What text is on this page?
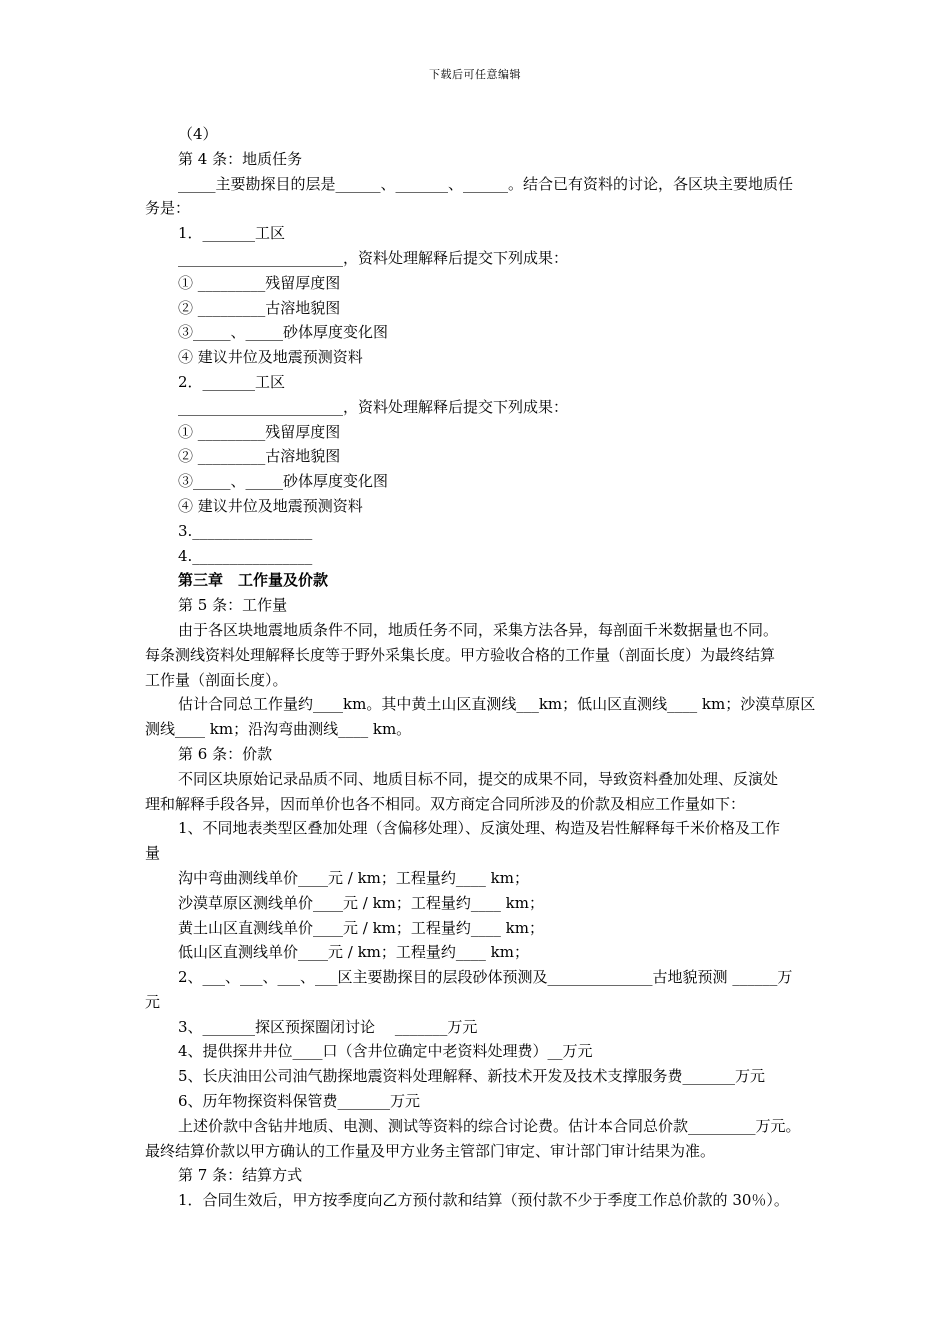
下载后可任意编辑
（4）
第 4 条：地质任务
_____主要勘探目的层是______、_______、______。结合已有资料的讨论，各区块主要地质任
务是：
1．_______工区
______________________，资料处理解释后提交下列成果：
① _________残留厚度图
② _________古溶地貌图
③_____、_____砂体厚度变化图
④ 建议井位及地震预测资料
2．_______工区
______________________，资料处理解释后提交下列成果：
① _________残留厚度图
② _________古溶地貌图
③_____、_____砂体厚度变化图
④ 建议井位及地震预测资料
3.________________
4.________________
第三章　工作量及价款
第 5 条：工作量
由于各区块地震地质条件不同，地质任务不同，采集方法各异，每剖面千米数据量也不同。
每条测线资料处理解释长度等于野外采集长度。甲方验收合格的工作量（剖面长度）为最终结算
工作量（剖面长度）。
估计合同总工作量约____km。其中黄土山区直测线___km；低山区直测线____ km；沙漠草原区
测线____ km；沿沟弯曲测线____ km。
第 6 条：价款
不同区块原始记录品质不同、地质目标不同，提交的成果不同，导致资料叠加处理、反演处
理和解释手段各异，因而单价也各不相同。双方商定合同所涉及的价款及相应工作量如下：
1、不同地表类型区叠加处理（含偏移处理）、反演处理、构造及岩性解释每千米价格及工作
量
沟中弯曲测线单价____元 / km；工程量约____ km；
沙漠草原区测线单价____元 / km；工程量约____ km；
黄土山区直测线单价____元 / km；工程量约____ km；
低山区直测线单价____元 / km；工程量约____ km；
2、___、___、___、___区主要勘探目的层段砂体预测及______________古地貌预测 ______万
元
3、_______探区预探圈闭讨论　 _______万元
4、提供探井井位____口（含井位确定中老资料处理费）__万元
5、长庆油田公司油气勘探地震资料处理解释、新技术开发及技术支撑服务费_______万元
6、历年物探资料保管费_______万元
上述价款中含钻井地质、电测、测试等资料的综合讨论费。估计本合同总价款_________万元。
最终结算价款以甲方确认的工作量及甲方业务主管部门审定、审计部门审计结果为准。
第 7 条：结算方式
1．合同生效后，甲方按季度向乙方预付款和结算（预付款不少于季度工作总价款的 30％）。
